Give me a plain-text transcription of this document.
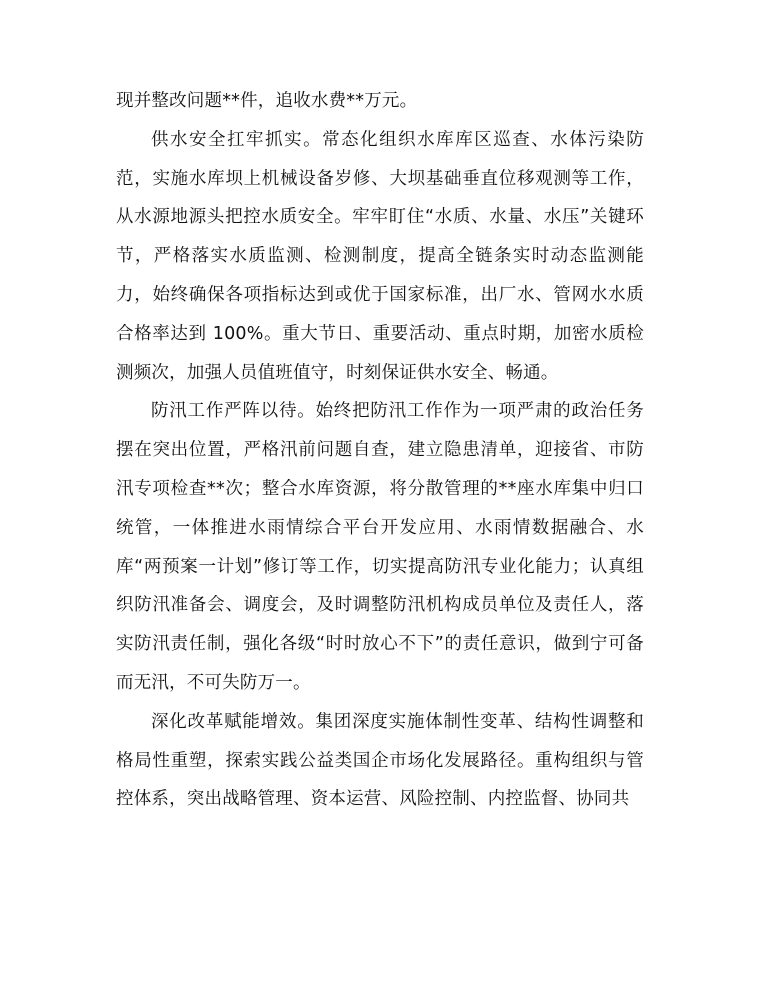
现并整改问题**件，追收水费**万元。

供水安全扛牢抓实。常态化组织水库库区巡查、水体污染防范，实施水库坝上机械设备岁修、大坝基础垂直位移观测等工作，从水源地源头把控水质安全。牢牢盯住“水质、水量、水压”关键环节，严格落实水质监测、检测制度，提高全链条实时动态监测能力，始终确保各项指标达到或优于国家标准，出厂水、管网水水质合格率达到 100%。重大节日、重要活动、重点时期，加密水质检测频次，加强人员值班值守，时刻保证供水安全、畅通。

防汛工作严阵以待。始终把防汛工作作为一项严肃的政治任务摆在突出位置，严格汛前问题自查，建立隐患清单，迎接省、市防汛专项检查**次；整合水库资源，将分散管理的**座水库集中归口统管，一体推进水雨情综合平台开发应用、水雨情数据融合、水库“两预案一计划”修订等工作，切实提高防汛专业化能力；认真组织防汛准备会、调度会，及时调整防汛机构成员单位及责任人，落实防汛责任制，强化各级“时时放心不下”的责任意识，做到宁可备而无汛，不可失防万一。

深化改革赋能增效。集团深度实施体制性变革、结构性调整和格局性重塑，探索实践公益类国企市场化发展路径。重构组织与管控体系，突出战略管理、资本运营、风险控制、内控监督、协同共
